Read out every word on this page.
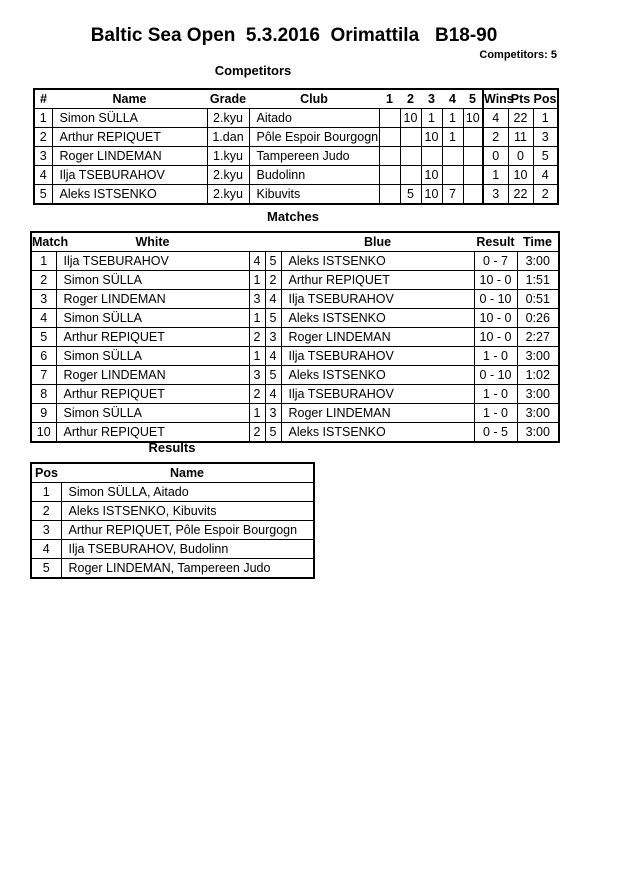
Baltic Sea Open  5.3.2016  Orimattila   B18-90
Competitors: 5
Competitors
#	Name	Grade	Club	1	2	3	4	5	Wins	Pts	Pos
1	Simon SÜLLA	2.kyu	Aitado		10	1	1	10	4	22	1
2	Arthur REPIQUET	1.dan	Pôle Espoir Bourgogn			10	1		2	11	3
3	Roger LINDEMAN	1.kyu	Tampereen Judo						0	0	5
4	Ilja TSEBURAHOV	2.kyu	Budolinn			10			1	10	4
5	Aleks ISTSENKO	2.kyu	Kibuvits		5	10	7		3	22	2
Matches
Match	White			Blue	Result	Time
1	Ilja TSEBURAHOV	4	5	Aleks ISTSENKO	0 - 7	3:00
2	Simon SÜLLA	1	2	Arthur REPIQUET	10 - 0	1:51
3	Roger LINDEMAN	3	4	Ilja TSEBURAHOV	0 - 10	0:51
4	Simon SÜLLA	1	5	Aleks ISTSENKO	10 - 0	0:26
5	Arthur REPIQUET	2	3	Roger LINDEMAN	10 - 0	2:27
6	Simon SÜLLA	1	4	Ilja TSEBURAHOV	1 - 0	3:00
7	Roger LINDEMAN	3	5	Aleks ISTSENKO	0 - 10	1:02
8	Arthur REPIQUET	2	4	Ilja TSEBURAHOV	1 - 0	3:00
9	Simon SÜLLA	1	3	Roger LINDEMAN	1 - 0	3:00
10	Arthur REPIQUET	2	5	Aleks ISTSENKO	0 - 5	3:00
Results
Pos	Name
1	Simon SÜLLA, Aitado
2	Aleks ISTSENKO, Kibuvits
3	Arthur REPIQUET, Pôle Espoir Bourgogn
4	Ilja TSEBURAHOV, Budolinn
5	Roger LINDEMAN, Tampereen Judo
